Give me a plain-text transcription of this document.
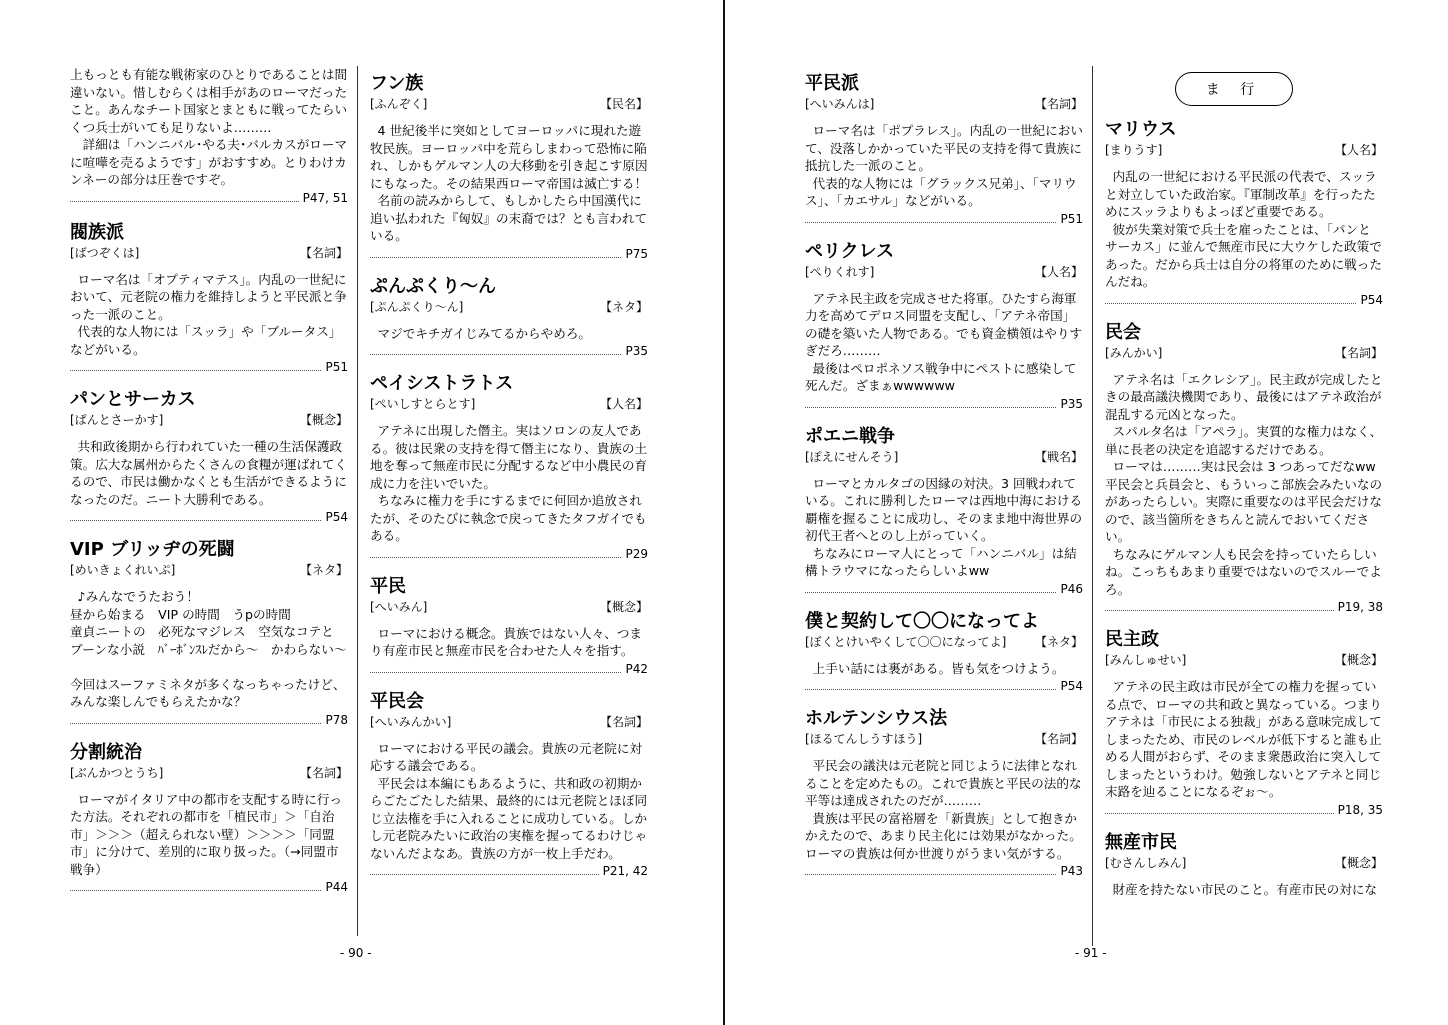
上もっとも有能な戦術家のひとりであることは間違いない。惜しむらくは相手があのローマだったこと。あんなチート国家とまともに戦ってたらいくつ兵士がいても足りないよ………

　詳細は「ハンニバル･やる夫･バルカスがローマに喧嘩を売るようです」がおすすめ。とりわけカンネーの部分は圧巻ですぞ。

P47, 51
閥族派
[ばつぞくは]	【名詞】

ローマ名は「オプティマテス」。内乱の一世紀において、元老院の権力を維持しようと平民派と争った一派のこと。

代表的な人物には「スッラ」や「ブルータス」などがいる。

P51
パンとサーカス
[ぱんとさーかす]	【概念】

共和政後期から行われていた一種の生活保護政策。広大な属州からたくさんの食糧が運ばれてくるので、市民は働かなくとも生活ができるようになったのだ。ニート大勝利である。

P54
VIP ブリッヂの死闘
[めいきょくれいぷ]	【ネタ】

♪みんなでうたおう！

昼から始まる　VIP の時間　うpの時間

童貞ニートの　必死なマジレス　空気なコテと

ブーンな小説　ﾊﾞｰﾎﾞﾝｽﾚだから～　かわらない～

今回はスーファミネタが多くなっちゃったけど、みんな楽しんでもらえたかな？

P78
分割統治
[ぶんかつとうち]	【名詞】

ローマがイタリア中の都市を支配する時に行った方法。それぞれの都市を「植民市」＞「自治市」＞＞＞（超えられない壁）＞＞＞＞「同盟市」に分けて、差別的に取り扱った。（→同盟市戦争）

P44
フン族
[ふんぞく]	【民名】

4 世紀後半に突如としてヨーロッパに現れた遊牧民族。ヨーロッパ中を荒らしまわって恐怖に陥れ、しかもゲルマン人の大移動を引き起こす原因にもなった。その結果西ローマ帝国は滅亡する！

名前の読みからして、もしかしたら中国漢代に追い払われた『匈奴』の末裔では？とも言われている。

P75
ぷんぷくり～ん
[ぷんぷくり～ん]	【ネタ】

マジでキチガイじみてるからやめろ。

P35
ペイシストラトス
[ぺいしすとらとす]	【人名】

アテネに出現した僭主。実はソロンの友人である。彼は民衆の支持を得て僭主になり、貴族の土地を奪って無産市民に分配するなど中小農民の育成に力を注いでいた。

ちなみに権力を手にするまでに何回か追放されたが、そのたびに執念で戻ってきたタフガイでもある。

P29
平民
[へいみん]	【概念】

ローマにおける概念。貴族ではない人々、つまり有産市民と無産市民を合わせた人々を指す。

P42
平民会
[へいみんかい]	【名詞】

ローマにおける平民の議会。貴族の元老院に対応する議会である。

平民会は本編にもあるように、共和政の初期からごたごたした結果、最終的には元老院とほぼ同じ立法権を手に入れることに成功している。しかし元老院みたいに政治の実権を握ってるわけじゃないんだよなあ。貴族の方が一枚上手だわ。

P21, 42
- 90 -
平民派
[へいみんは]	【名詞】

ローマ名は「ポプラレス」。内乱の一世紀において、没落しかかっていた平民の支持を得て貴族に抵抗した一派のこと。

代表的な人物には「グラックス兄弟」、「マリウス」、「カエサル」などがいる。

P51
ペリクレス
[ぺりくれす]	【人名】

アテネ民主政を完成させた将軍。ひたすら海軍力を高めてデロス同盟を支配し、「アテネ帝国」の礎を築いた人物である。でも資金横領はやりすぎだろ………

最後はペロポネソス戦争中にペストに感染して死んだ。ざまぁwwwwww

P35
ポエニ戦争
[ぽえにせんそう]	【戦名】

ローマとカルタゴの因縁の対決。3 回戦われている。これに勝利したローマは西地中海における覇権を握ることに成功し、そのまま地中海世界の初代王者へとのし上がっていく。

ちなみにローマ人にとって「ハンニバル」は結構トラウマになったらしいよww

P46
僕と契約して〇〇になってよ
[ぼくとけいやくして〇〇になってよ] 【ネタ】

上手い話には裏がある。皆も気をつけよう。

P54
ホルテンシウス法
[ほるてんしうすほう]	【名詞】

平民会の議決は元老院と同じように法律となれることを定めたもの。これで貴族と平民の法的な平等は達成されたのだが………

貴族は平民の富裕層を「新貴族」として抱きかかえたので、あまり民主化には効果がなかった。ローマの貴族は何か世渡りがうまい気がする。

P43
ま 行
マリウス
[まりうす]	【人名】

内乱の一世紀における平民派の代表で、スッラと対立していた政治家。『軍制改革』を行ったためにスッラよりもよっぽど重要である。

彼が失業対策で兵士を雇ったことは、「パンとサーカス」に並んで無産市民に大ウケした政策であった。だから兵士は自分の将軍のために戦ったんだね。

P54
民会
[みんかい]	【名詞】

アテネ名は「エクレシア」。民主政が完成したときの最高議決機関であり、最後にはアテネ政治が混乱する元凶となった。

スパルタ名は「アペラ」。実質的な権力はなく、単に長老の決定を追認するだけである。

ローマは………実は民会は 3 つあってだなww 平民会と兵員会と、もういっこ部族会みたいなのがあったらしい。実際に重要なのは平民会だけなので、該当箇所をきちんと読んでおいてください。

ちなみにゲルマン人も民会を持っていたらしいね。こっちもあまり重要ではないのでスルーでよろ。

P19, 38
民主政
[みんしゅせい]	【概念】

アテネの民主政は市民が全ての権力を握っている点で、ローマの共和政と異なっている。つまりアテネは「市民による独裁」がある意味完成してしまったため、市民のレベルが低下すると誰も止める人間がおらず、そのまま衆愚政治に突入してしまったというわけ。勉強しないとアテネと同じ末路を辿ることになるぞぉ～。

P18, 35
無産市民
[むさんしみん]	【概念】

財産を持たない市民のこと。有産市民の対にな

- 91 -
